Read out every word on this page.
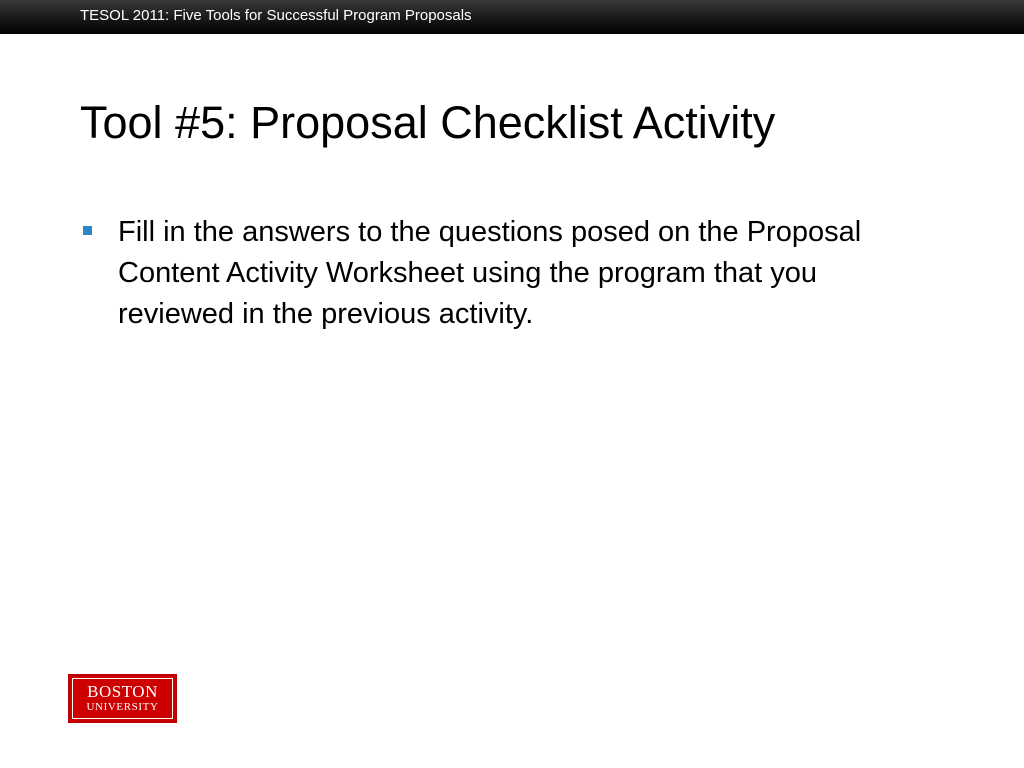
TESOL 2011: Five Tools for Successful Program Proposals
Tool #5: Proposal Checklist Activity
Fill in the answers to the questions posed on the Proposal Content Activity Worksheet using the program that you reviewed in the previous activity.
BOSTON
UNIVERSITY
